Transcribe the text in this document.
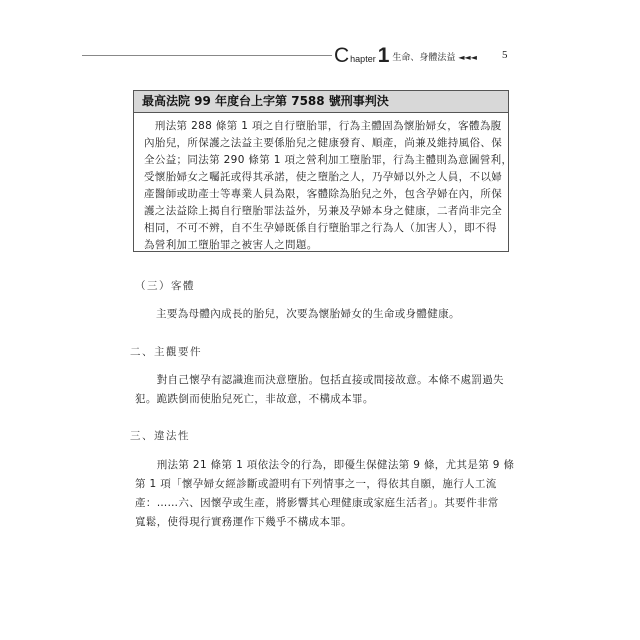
C hapter 1 生命、身體法益 ◄◄◄ 5
最高法院 99 年度台上字第 7588 號刑事判決
　刑法第 288 條第 1 項之自行墮胎罪，行為主體固為懷胎婦女，客體為腹
內胎兒，所保護之法益主要係胎兒之健康發育、順產，尚兼及維持風俗、保
全公益；同法第 290 條第 1 項之營利加工墮胎罪，行為主體則為意圖營利，
受懷胎婦女之囑託或得其承諾，使之墮胎之人，乃孕婦以外之人員，不以婦
產醫師或助產士等專業人員為限，客體除為胎兒之外，包含孕婦在內，所保
護之法益除上揭自行墮胎罪法益外，另兼及孕婦本身之健康，二者尚非完全
相同，不可不辨，自不生孕婦既係自行墮胎罪之行為人（加害人），即不得
為營利加工墮胎罪之被害人之問題。
（三）客體
主要為母體內成長的胎兒，次要為懷胎婦女的生命或身體健康。
二、主觀要件
　　對自己懷孕有認識進而決意墮胎。包括直接或間接故意。本條不處罰過失
犯。跪跌倒而使胎兒死亡，非故意，不構成本罪。
三、違法性
　　刑法第 21 條第 1 項依法令的行為，即優生保健法第 9 條，尤其是第 9 條
第 1 項「懷孕婦女經診斷或證明有下列情事之一，得依其自願，施行人工流
產：……六、因懷孕或生產，將影響其心理健康或家庭生活者」。其要件非常
寬鬆，使得現行實務運作下幾乎不構成本罪。
